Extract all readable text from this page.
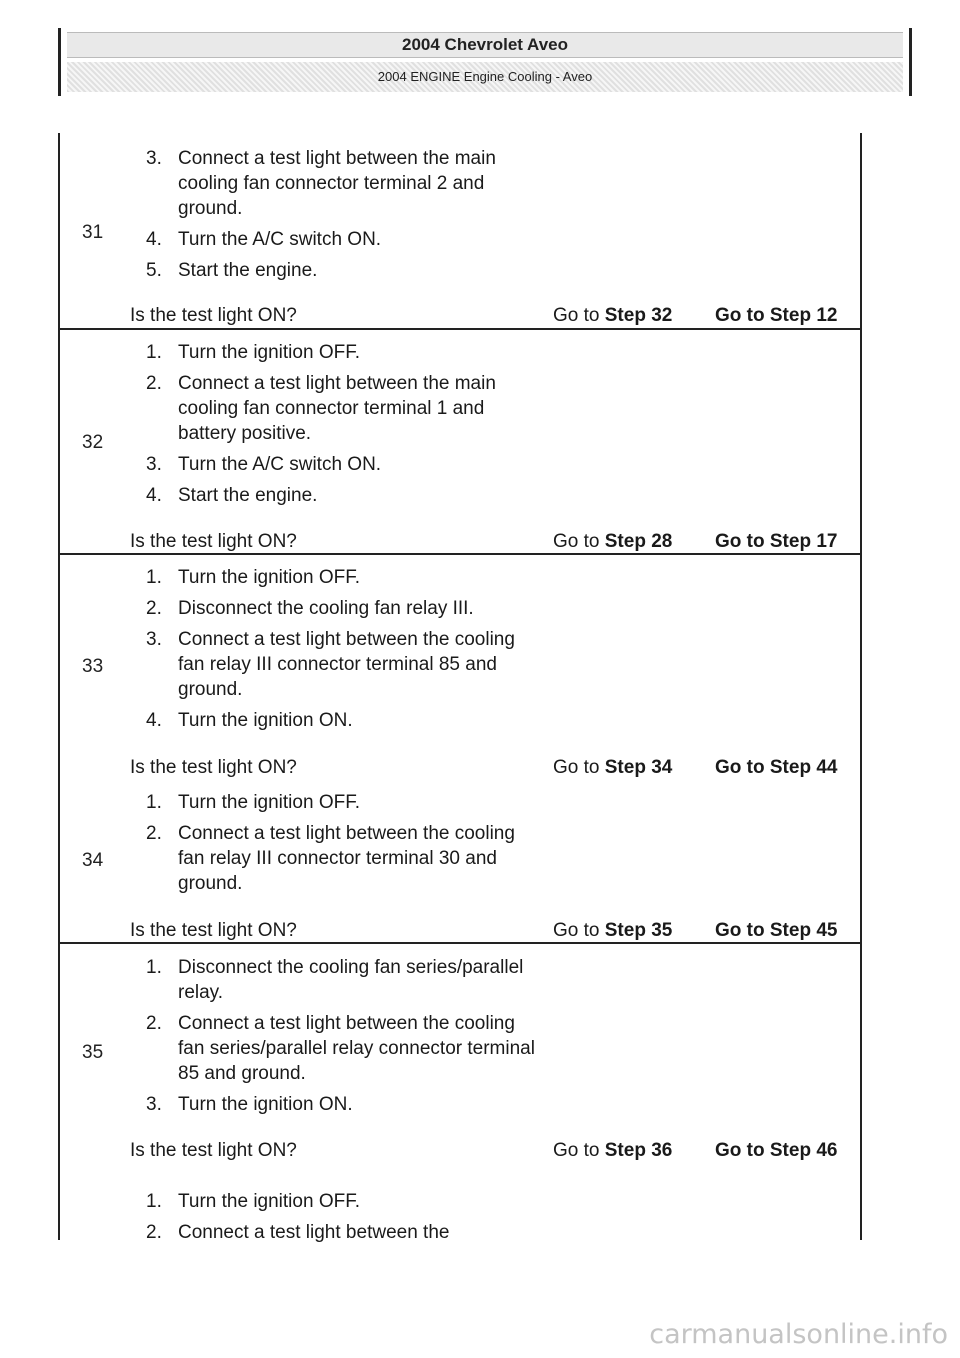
2004 Chevrolet Aveo
2004 ENGINE Engine Cooling - Aveo
31
3. Connect a test light between the main cooling fan connector terminal 2 and ground.
4. Turn the A/C switch ON.
5. Start the engine.
Is the test light ON?	Go to Step 32 Go to Step 12
32
1. Turn the ignition OFF.
2. Connect a test light between the main cooling fan connector terminal 1 and battery positive.
3. Turn the A/C switch ON.
4. Start the engine.
Is the test light ON?	Go to Step 28 Go to Step 17
33
1. Turn the ignition OFF.
2. Disconnect the cooling fan relay III.
3. Connect a test light between the cooling fan relay III connector terminal 85 and ground.
4. Turn the ignition ON.
Is the test light ON?	Go to Step 34 Go to Step 44
34
1. Turn the ignition OFF.
2. Connect a test light between the cooling fan relay III connector terminal 30 and ground.
Is the test light ON?	Go to Step 35 Go to Step 45
35
1. Disconnect the cooling fan series/parallel relay.
2. Connect a test light between the cooling fan series/parallel relay connector terminal 85 and ground.
3. Turn the ignition ON.
Is the test light ON?	Go to Step 36 Go to Step 46
1. Turn the ignition OFF.
2. Connect a test light between the
carmanualsonline.info
